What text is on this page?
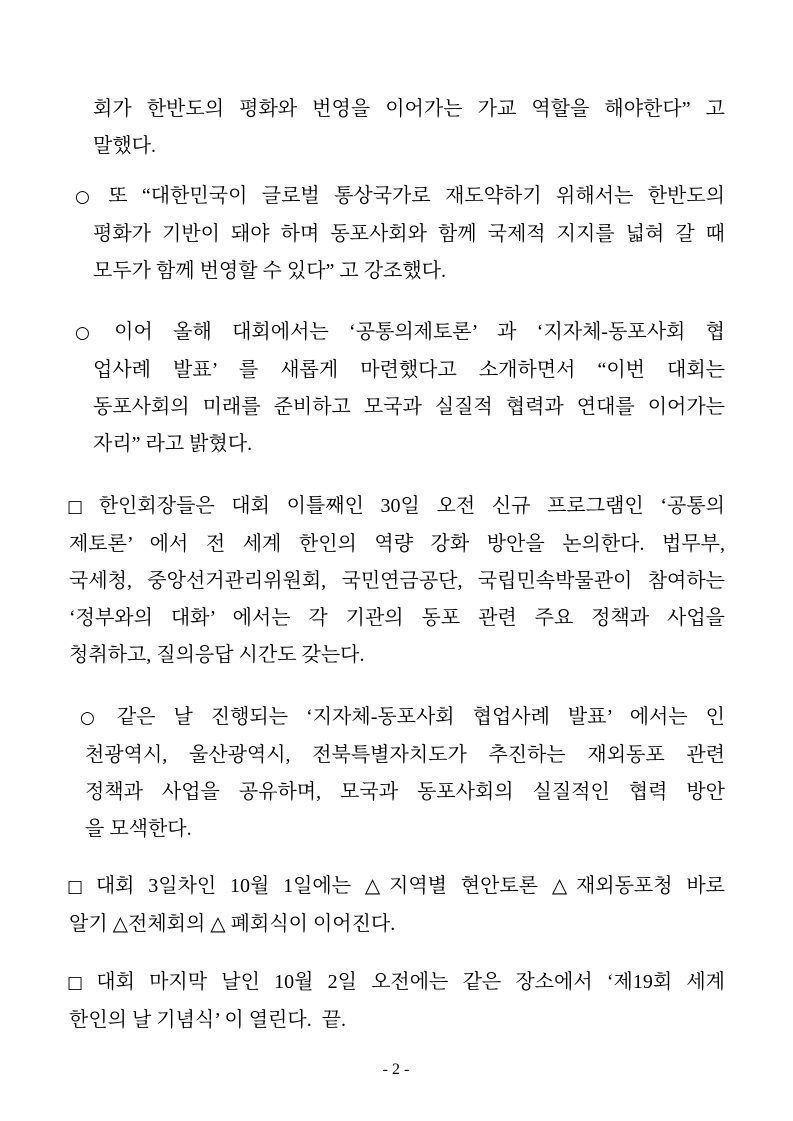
회가 한반도의 평화와 번영을 이어가는 가교 역할을 해야한다” 고
말했다.
○ 또 “대한민국이 글로벌 통상국가로 재도약하기 위해서는 한반도의
평화가 기반이 돼야 하며 동포사회와 함께 국제적 지지를 넓혀 갈 때
모두가 함께 번영할 수 있다” 고 강조했다.
○ 이어 올해 대회에서는 ‘공통의제토론’ 과 ‘지자체-동포사회 협
업사례 발표’ 를 새롭게 마련했다고 소개하면서 “이번 대회는
동포사회의 미래를 준비하고 모국과 실질적 협력과 연대를 이어가는
자리” 라고 밝혔다.
□ 한인회장들은 대회 이틀째인 30일 오전 신규 프로그램인 ‘공통의
제토론’ 에서 전 세계 한인의 역량 강화 방안을 논의한다. 법무부,
국세청, 중앙선거관리위원회, 국민연금공단, 국립민속박물관이 참여하는
‘정부와의 대화’ 에서는 각 기관의 동포 관련 주요 정책과 사업을
청취하고, 질의응답 시간도 갖는다.
○ 같은 날 진행되는 ‘지자체-동포사회 협업사례 발표’ 에서는 인
천광역시, 울산광역시, 전북특별자치도가 추진하는 재외동포 관련
정책과 사업을 공유하며, 모국과 동포사회의 실질적인 협력 방안
을 모색한다.
□ 대회 3일차인 10월 1일에는 △지역별 현안토론 △재외동포청 바로
알기 △전체회의 △ 폐회식이 이어진다.
□ 대회 마지막 날인 10월 2일 오전에는 같은 장소에서 ‘제19회 세계
한인의 날 기념식’ 이 열린다.  끝.
- 2 -
